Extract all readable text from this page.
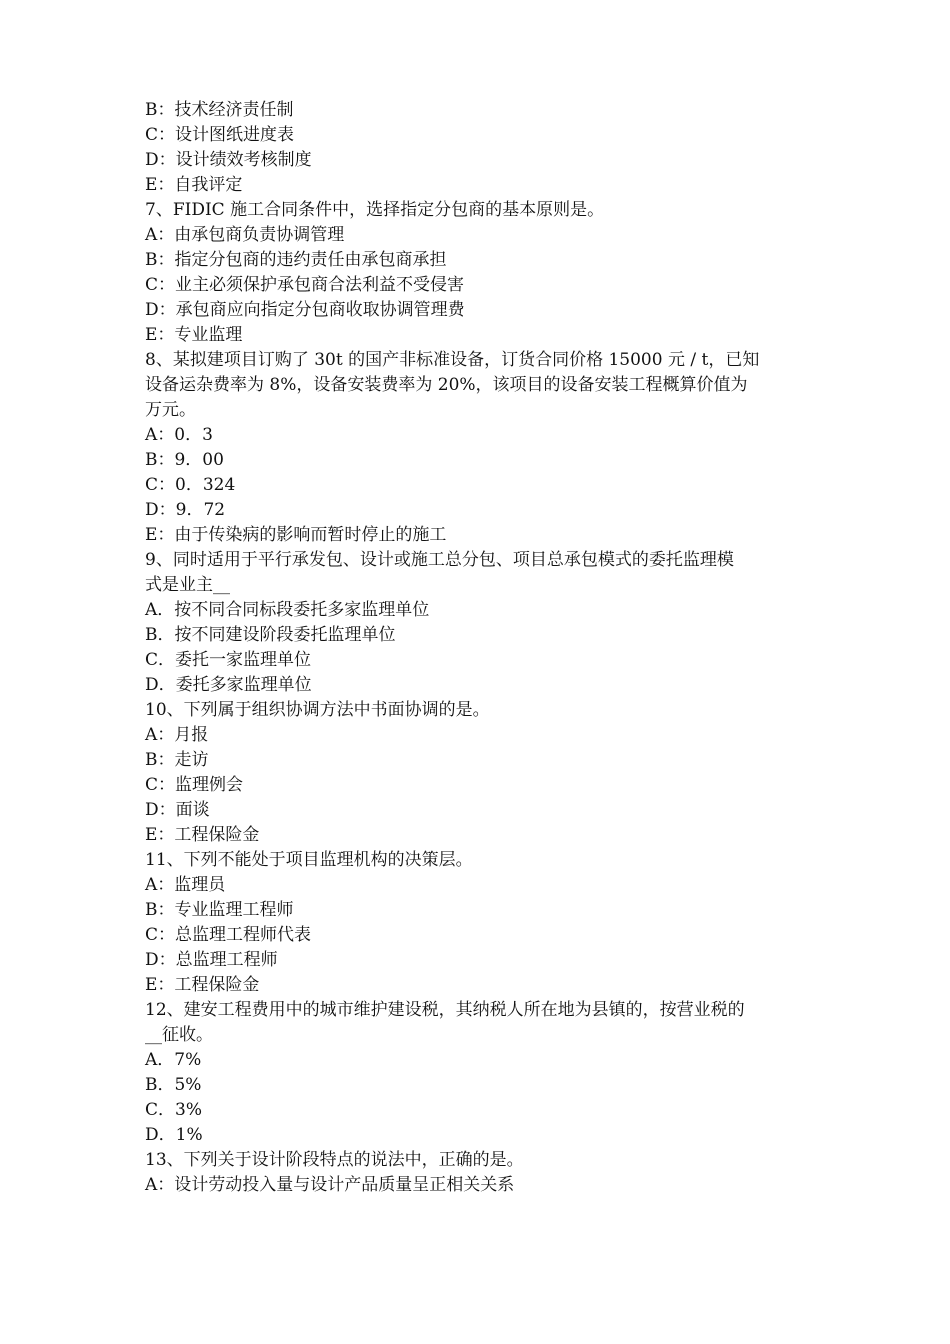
B：技术经济责任制

C：设计图纸进度表

D：设计绩效考核制度

E：自我评定

7、FIDIC 施工合同条件中，选择指定分包商的基本原则是。

A：由承包商负责协调管理

B：指定分包商的违约责任由承包商承担

C：业主必须保护承包商合法利益不受侵害

D：承包商应向指定分包商收取协调管理费

E：专业监理

8、某拟建项目订购了 30t 的国产非标准设备，订货合同价格 15000 元 / t，已知

设备运杂费率为 8%，设备安装费率为 20%，该项目的设备安装工程概算价值为

万元。

A：0．3

B：9．00

C：0．324

D：9．72

E：由于传染病的影响而暂时停止的施工

9、同时适用于平行承发包、设计或施工总分包、项目总承包模式的委托监理模

式是业主__

A．按不同合同标段委托多家监理单位

B．按不同建设阶段委托监理单位

C．委托一家监理单位

D．委托多家监理单位

10、下列属于组织协调方法中书面协调的是。

A：月报

B：走访

C：监理例会

D：面谈

E：工程保险金

11、下列不能处于项目监理机构的决策层。

A：监理员

B：专业监理工程师

C：总监理工程师代表

D：总监理工程师

E：工程保险金

12、建安工程费用中的城市维护建设税，其纳税人所在地为县镇的，按营业税的

__征收。

A．7%

B．5%

C．3%

D．1%

13、下列关于设计阶段特点的说法中，正确的是。

A：设计劳动投入量与设计产品质量呈正相关关系
